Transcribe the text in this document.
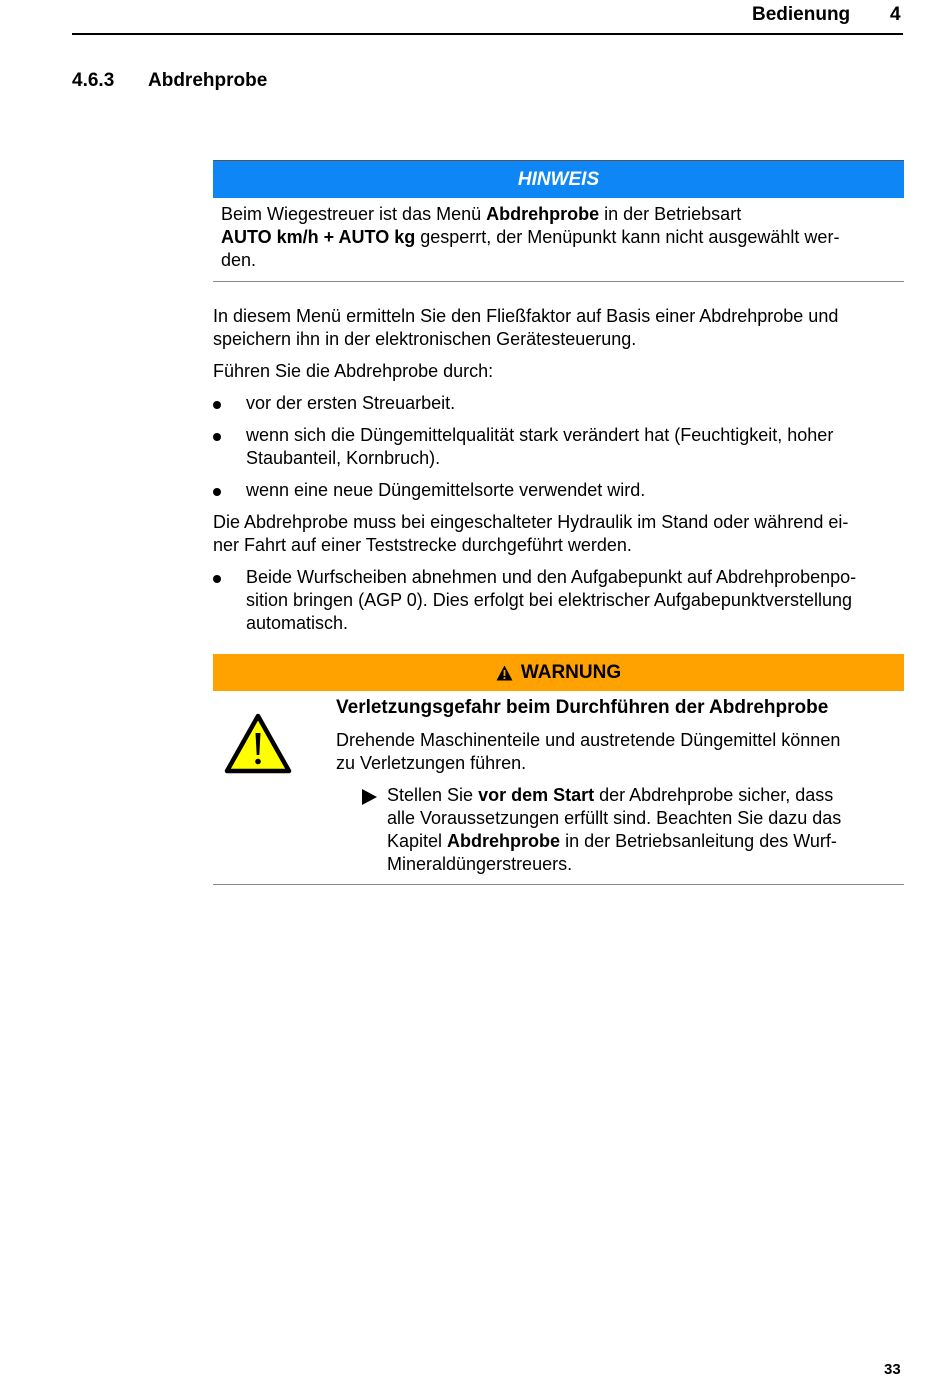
Bedienung 4
4.6.3 Abdrehprobe
HINWEIS

Beim Wiegestreuer ist das Menü Abdrehprobe in der Betriebsart

AUTO km/h + AUTO kg gesperrt, der Menüpunkt kann nicht ausgewählt wer-

den.

In diesem Menü ermitteln Sie den Fließfaktor auf Basis einer Abdrehprobe und

speichern ihn in der elektronischen Gerätesteuerung.

Führen Sie die Abdrehprobe durch:
vor der ersten Streuarbeit.

wenn sich die Düngemittelqualität stark verändert hat (Feuchtigkeit, hoher

Staubanteil, Kornbruch).

wenn eine neue Düngemittelsorte verwendet wird.

Die Abdrehprobe muss bei eingeschalteter Hydraulik im Stand oder während ei-

ner Fahrt auf einer Teststrecke durchgeführt werden.

Beide Wurfscheiben abnehmen und den Aufgabepunkt auf Abdrehprobenpo-

sition bringen (AGP 0). Dies erfolgt bei elektrischer Aufgabepunktverstellung

automatisch.

WARNUNG
Verletzungsgefahr beim Durchführen der Abdrehprobe

Drehende Maschinenteile und austretende Düngemittel können

zu Verletzungen führen.

Stellen Sie vor dem Start der Abdrehprobe sicher, dass

alle Voraussetzungen erfüllt sind. Beachten Sie dazu das

Kapitel Abdrehprobe in der Betriebsanleitung des Wurf-

Mineraldüngerstreuers.

33
